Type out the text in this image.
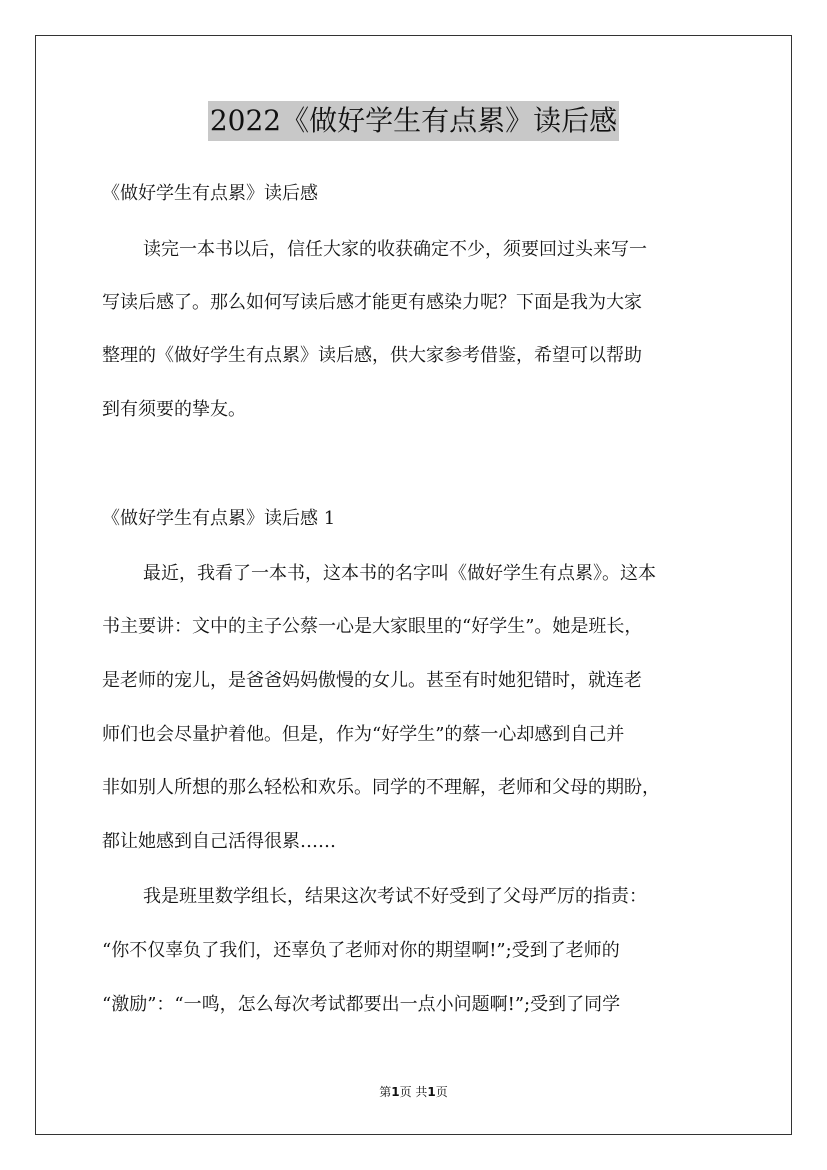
2022《做好学生有点累》读后感
《做好学生有点累》读后感
读完一本书以后，信任大家的收获确定不少，须要回过头来写一
写读后感了。那么如何写读后感才能更有感染力呢？下面是我为大家
整理的《做好学生有点累》读后感，供大家参考借鉴，希望可以帮助
到有须要的挚友。
《做好学生有点累》读后感 1
最近，我看了一本书，这本书的名字叫《做好学生有点累》。这本
书主要讲：文中的主子公蔡一心是大家眼里的“好学生”。她是班长，
是老师的宠儿，是爸爸妈妈傲慢的女儿。甚至有时她犯错时，就连老
师们也会尽量护着他。但是，作为“好学生”的蔡一心却感到自己并
非如别人所想的那么轻松和欢乐。同学的不理解，老师和父母的期盼，
都让她感到自己活得很累……
我是班里数学组长，结果这次考试不好受到了父母严厉的指责：
“你不仅辜负了我们，还辜负了老师对你的期望啊!”;受到了老师的
“激励”：“一鸣，怎么每次考试都要出一点小问题啊!”;受到了同学
第1页 共1页
